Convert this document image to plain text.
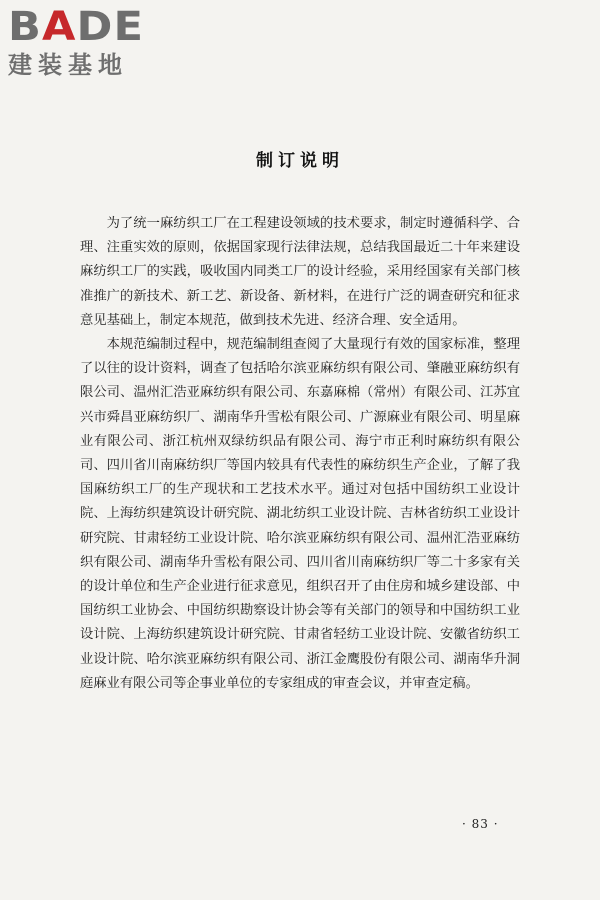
BADE
建装基地
制订说明

为了统一麻纺织工厂在工程建设领域的技术要求，制定时遵循科学、合理、注重实效的原则，依据国家现行法律法规，总结我国最近二十年来建设麻纺织工厂的实践，吸收国内同类工厂的设计经验，采用经国家有关部门核准推广的新技术、新工艺、新设备、新材料，在进行广泛的调查研究和征求意见基础上，制定本规范，做到技术先进、经济合理、安全适用。

本规范编制过程中，规范编制组查阅了大量现行有效的国家标准，整理了以往的设计资料，调查了包括哈尔滨亚麻纺织有限公司、肇融亚麻纺织有限公司、温州汇浩亚麻纺织有限公司、东嘉麻棉（常州）有限公司、江苏宜兴市舜昌亚麻纺织厂、湖南华升雪松有限公司、广源麻业有限公司、明星麻业有限公司、浙江杭州双绿纺织品有限公司、海宁市正利时麻纺织有限公司、四川省川南麻纺织厂等国内较具有代表性的麻纺织生产企业，了解了我国麻纺织工厂的生产现状和工艺技术水平。通过对包括中国纺织工业设计院、上海纺织建筑设计研究院、湖北纺织工业设计院、吉林省纺织工业设计研究院、甘肃轻纺工业设计院、哈尔滨亚麻纺织有限公司、温州汇浩亚麻纺织有限公司、湖南华升雪松有限公司、四川省川南麻纺织厂等二十多家有关的设计单位和生产企业进行征求意见，组织召开了由住房和城乡建设部、中国纺织工业协会、中国纺织勘察设计协会等有关部门的领导和中国纺织工业设计院、上海纺织建筑设计研究院、甘肃省轻纺工业设计院、安徽省纺织工业设计院、哈尔滨亚麻纺织有限公司、浙江金鹰股份有限公司、湖南华升洞庭麻业有限公司等企事业单位的专家组成的审查会议，并审查定稿。

· 83 ·
